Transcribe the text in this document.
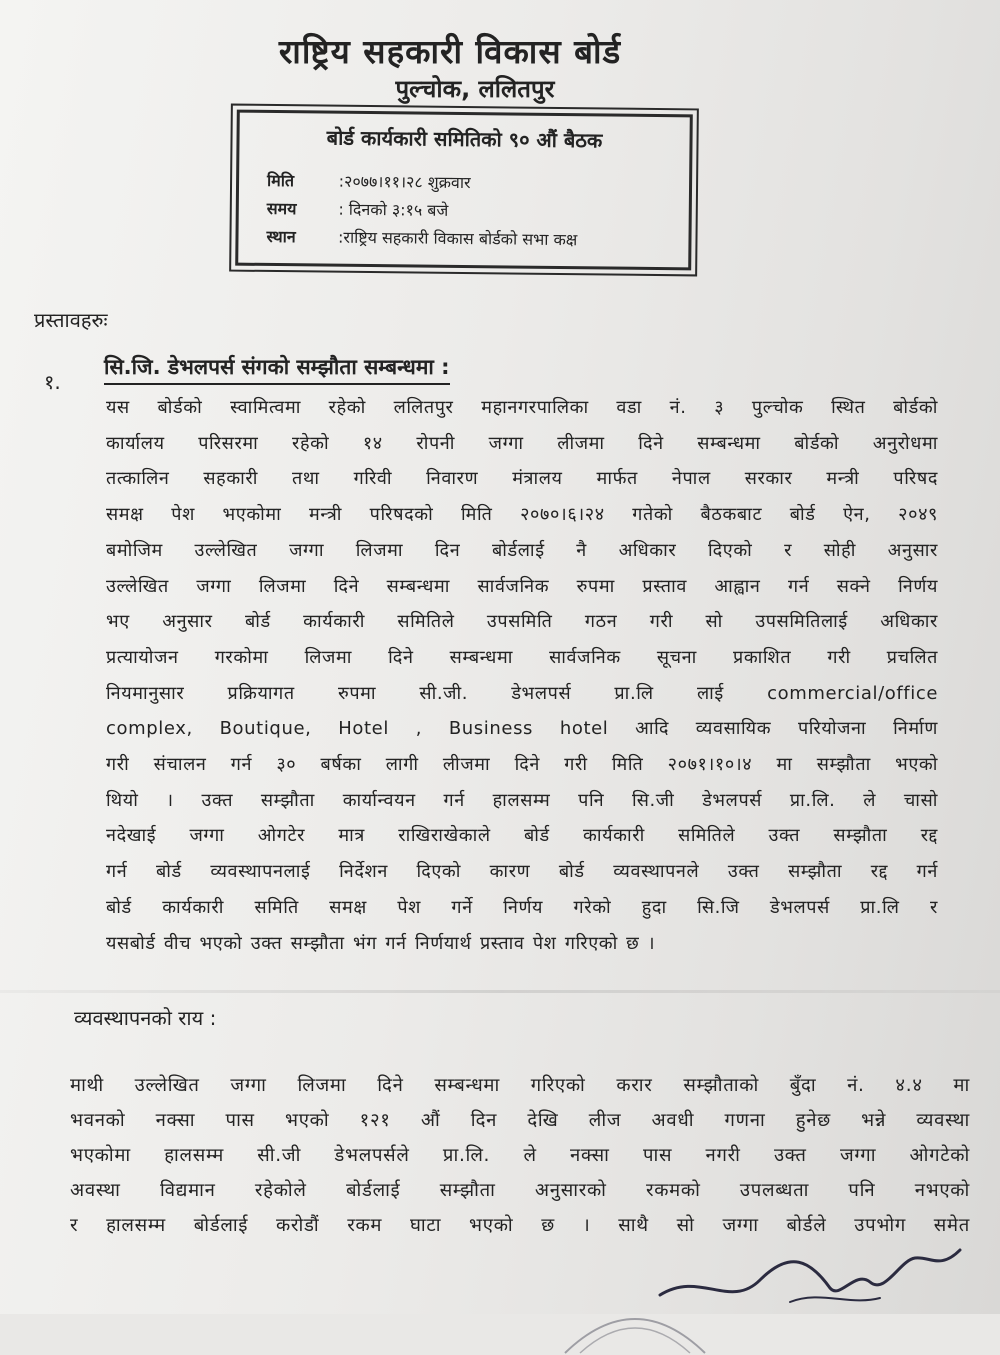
राष्ट्रिय सहकारी विकास बोर्ड
पुल्चोक, ललितपुर
बोर्ड कार्यकारी समितिको ९० औं बैठक
मिति	:२०७७।११।२८ शुक्रवार
समय	: दिनको ३:१५ बजे
स्थान	:राष्ट्रिय सहकारी विकास बोर्डको सभा कक्ष
प्रस्तावहरुः
१.
सि.जि. डेभलपर्स संगको सम्झौता सम्बन्धमा :
यस बोर्डको स्वामित्वमा रहेको ललितपुर महानगरपालिका वडा नं. ३ पुल्चोक स्थित बोर्डको
कार्यालय परिसरमा रहेको १४ रोपनी जग्गा लीजमा दिने सम्बन्धमा बोर्डको अनुरोधमा
तत्कालिन सहकारी तथा गरिवी निवारण मंत्रालय मार्फत नेपाल सरकार मन्त्री परिषद
समक्ष पेश भएकोमा मन्त्री परिषदको मिति २०७०।६।२४ गतेको बैठकबाट बोर्ड ऐन, २०४९
बमोजिम उल्लेखित जग्गा लिजमा दिन बोर्डलाई नै अधिकार दिएको र सोही अनुसार
उल्लेखित जग्गा लिजमा दिने सम्बन्धमा सार्वजनिक रुपमा प्रस्ताव आह्वान गर्न सक्ने निर्णय
भए अनुसार बोर्ड कार्यकारी समितिले उपसमिति गठन गरी सो उपसमितिलाई अधिकार
प्रत्यायोजन गरकोमा लिजमा दिने सम्बन्धमा सार्वजनिक सूचना प्रकाशित गरी प्रचलित
नियमानुसार प्रक्रियागत रुपमा सी.जी. डेभलपर्स प्रा.लि लाई commercial/office
complex, Boutique, Hotel , Business hotel आदि व्यवसायिक परियोजना निर्माण
गरी संचालन गर्न ३० बर्षका लागी लीजमा दिने गरी मिति २०७१।१०।४ मा सम्झौता भएको
थियो । उक्त सम्झौता कार्यान्वयन गर्न हालसम्म पनि सि.जी डेभलपर्स प्रा.लि. ले चासो
नदेखाई जग्गा ओगटेर मात्र राखिराखेकाले बोर्ड कार्यकारी समितिले उक्त सम्झौता रद्द
गर्न बोर्ड व्यवस्थापनलाई निर्देशन दिएको कारण बोर्ड व्यवस्थापनले उक्त सम्झौता रद्द गर्न
बोर्ड कार्यकारी समिति समक्ष पेश गर्ने निर्णय गरेको हुदा सि.जि डेभलपर्स प्रा.लि र
यसबोर्ड वीच भएको उक्त सम्झौता भंग गर्न निर्णयार्थ प्रस्ताव पेश गरिएको छ ।
व्यवस्थापनको राय :
माथी उल्लेखित जग्गा लिजमा दिने सम्बन्धमा गरिएको करार सम्झौताको बुँदा नं. ४.४ मा
भवनको नक्सा पास भएको १२१ औं दिन देखि लीज अवधी गणना हुनेछ भन्ने व्यवस्था
भएकोमा हालसम्म सी.जी डेभलपर्सले प्रा.लि. ले नक्सा पास नगरी उक्त जग्गा ओगटेको
अवस्था विद्यमान रहेकोले बोर्डलाई सम्झौता अनुसारको रकमको उपलब्धता पनि नभएको
र हालसम्म बोर्डलाई करोडौं रकम घाटा भएको छ । साथै सो जग्गा बोर्डले उपभोग समेत
